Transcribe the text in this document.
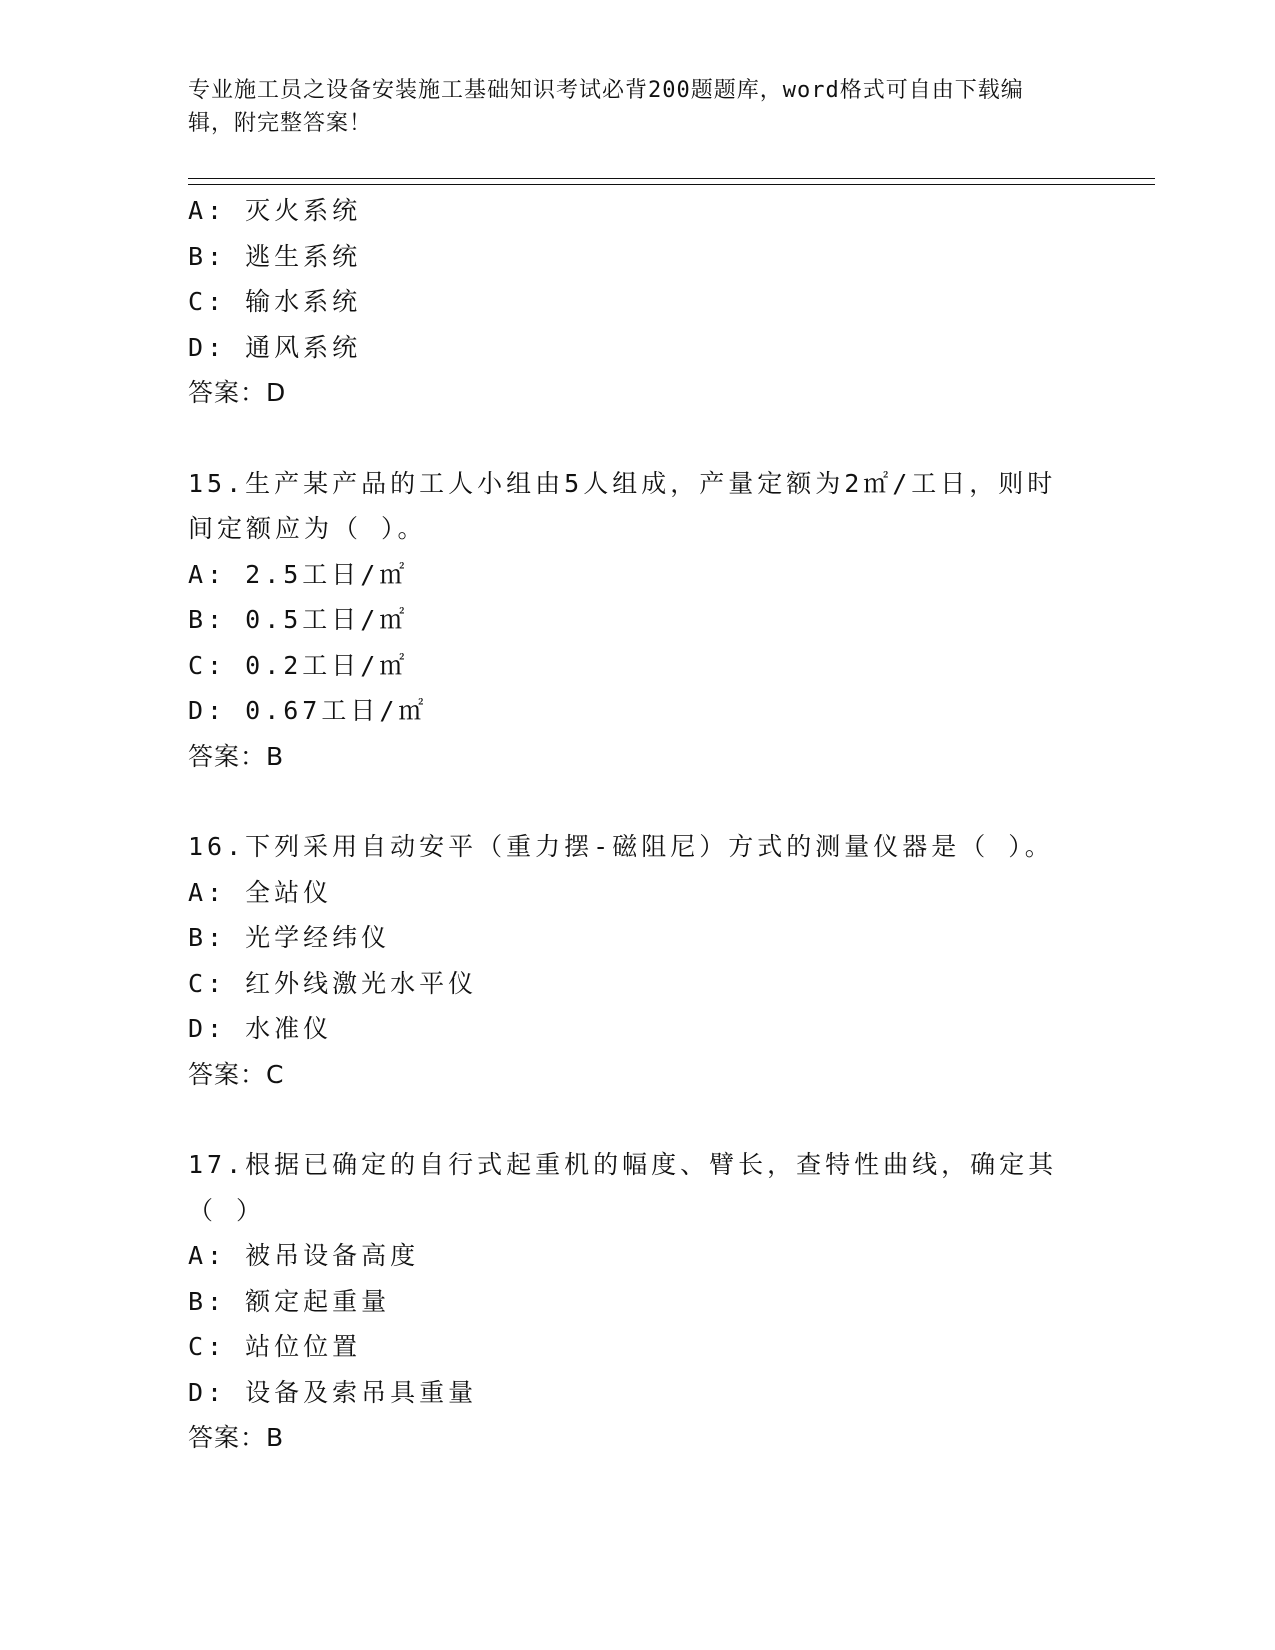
专业施工员之设备安装施工基础知识考试必背200题题库，word格式可自由下载编辑，附完整答案！
A: 灭火系统
B: 逃生系统
C: 输水系统
D: 通风系统
答案：D
15.生产某产品的工人小组由5人组成，产量定额为2㎡/工日，则时间定额应为（ ）。
A: 2.5工日/㎡
B: 0.5工日/㎡
C: 0.2工日/㎡
D: 0.67工日/㎡
答案：B
16.下列采用自动安平（重力摆-磁阻尼）方式的测量仪器是（ ）。
A: 全站仪
B: 光学经纬仪
C: 红外线激光水平仪
D: 水准仪
答案：C
17.根据已确定的自行式起重机的幅度、臂长，查特性曲线，确定其（ ）
A: 被吊设备高度
B: 额定起重量
C: 站位位置
D: 设备及索吊具重量
答案：B
